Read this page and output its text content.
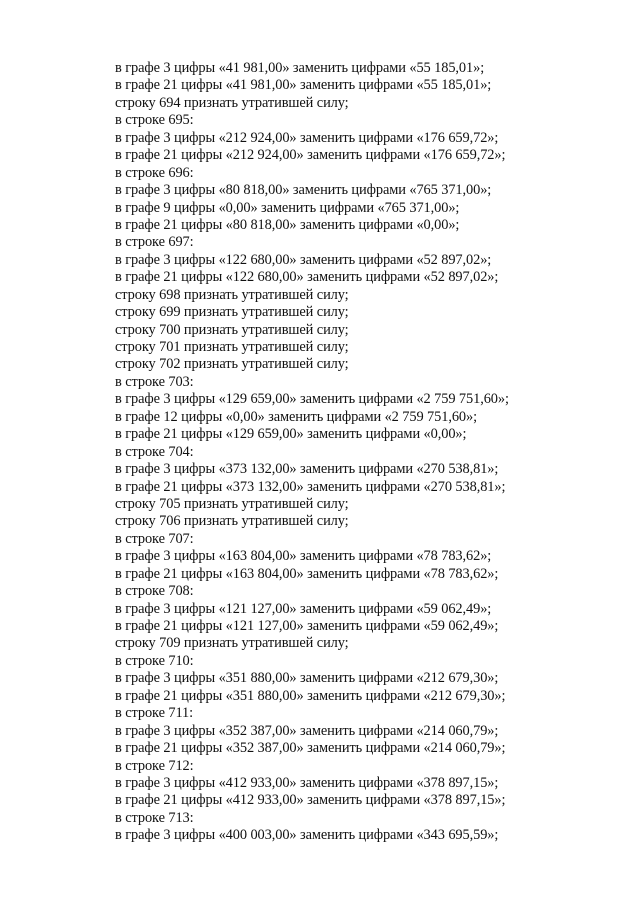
в графе 3 цифры «41 981,00» заменить цифрами «55 185,01»;
в графе 21 цифры «41 981,00» заменить цифрами «55 185,01»;
строку 694 признать утратившей силу;
в строке 695:
в графе 3 цифры «212 924,00» заменить цифрами «176 659,72»;
в графе 21 цифры «212 924,00» заменить цифрами «176 659,72»;
в строке 696:
в графе 3 цифры «80 818,00» заменить цифрами «765 371,00»;
в графе 9 цифры «0,00» заменить цифрами «765 371,00»;
в графе 21 цифры «80 818,00» заменить цифрами «0,00»;
в строке 697:
в графе 3 цифры «122 680,00» заменить цифрами «52 897,02»;
в графе 21 цифры «122 680,00» заменить цифрами «52 897,02»;
строку 698 признать утратившей силу;
строку 699 признать утратившей силу;
строку 700 признать утратившей силу;
строку 701 признать утратившей силу;
строку 702 признать утратившей силу;
в строке 703:
в графе 3 цифры «129 659,00» заменить цифрами «2 759 751,60»;
в графе 12 цифры «0,00» заменить цифрами «2 759 751,60»;
в графе 21 цифры «129 659,00» заменить цифрами «0,00»;
в строке 704:
в графе 3 цифры «373 132,00» заменить цифрами «270 538,81»;
в графе 21 цифры «373 132,00» заменить цифрами «270 538,81»;
строку 705 признать утратившей силу;
строку 706 признать утратившей силу;
в строке 707:
в графе 3 цифры «163 804,00» заменить цифрами «78 783,62»;
в графе 21 цифры «163 804,00» заменить цифрами «78 783,62»;
в строке 708:
в графе 3 цифры «121 127,00» заменить цифрами «59 062,49»;
в графе 21 цифры «121 127,00» заменить цифрами «59 062,49»;
строку 709 признать утратившей силу;
в строке 710:
в графе 3 цифры «351 880,00» заменить цифрами «212 679,30»;
в графе 21 цифры «351 880,00» заменить цифрами «212 679,30»;
в строке 711:
в графе 3 цифры «352 387,00» заменить цифрами «214 060,79»;
в графе 21 цифры «352 387,00» заменить цифрами «214 060,79»;
в строке 712:
в графе 3 цифры «412 933,00» заменить цифрами «378 897,15»;
в графе 21 цифры «412 933,00» заменить цифрами «378 897,15»;
в строке 713:
в графе 3 цифры «400 003,00» заменить цифрами «343 695,59»;
